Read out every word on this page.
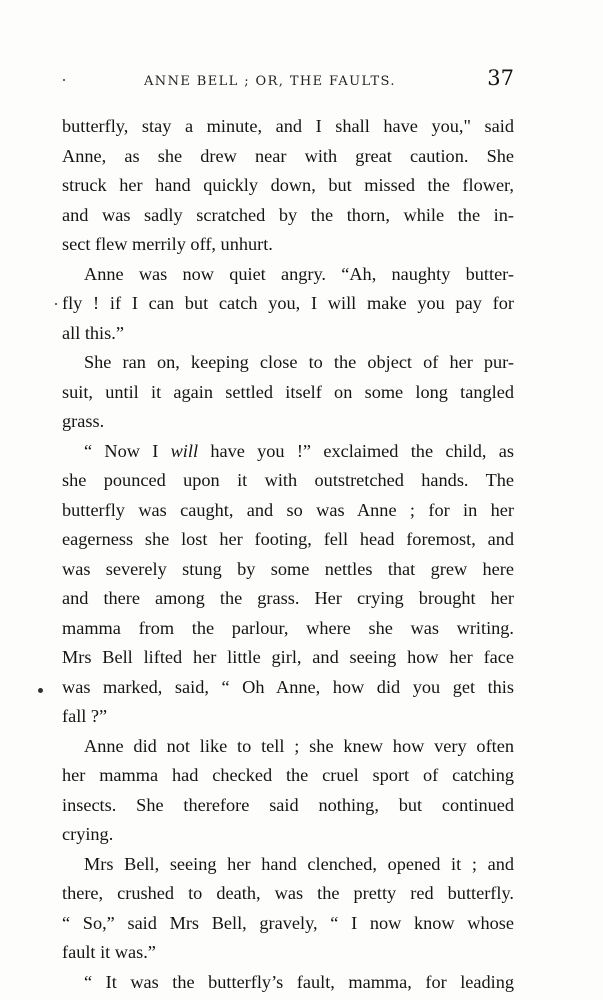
ANNE BELL ; OR, THE FAULTS.	37
butterfly, stay a minute, and I shall have you," said
Anne, as she drew near with great caution. She
struck her hand quickly down, but missed the flower,
and was sadly scratched by the thorn, while the in-
sect flew merrily off, unhurt.
Anne was now quiet angry. “Ah, naughty butter-
fly ! if I can but catch you, I will make you pay for
all this.”
She ran on, keeping close to the object of her pur-
suit, until it again settled itself on some long tangled
grass.
“ Now I will have you !” exclaimed the child, as
she pounced upon it with outstretched hands. The
butterfly was caught, and so was Anne ; for in her
eagerness she lost her footing, fell head foremost, and
was severely stung by some nettles that grew here
and there among the grass. Her crying brought her
mamma from the parlour, where she was writing.
Mrs Bell lifted her little girl, and seeing how her face
was marked, said, “ Oh Anne, how did you get this
fall ?”
Anne did not like to tell ; she knew how very often
her mamma had checked the cruel sport of catching
insects. She therefore said nothing, but continued
crying.
Mrs Bell, seeing her hand clenched, opened it ; and
there, crushed to death, was the pretty red butterfly.
“ So,” said Mrs Bell, gravely, “ I now know whose
fault it was.”
“ It was the butterfly’s fault, mamma, for leading
